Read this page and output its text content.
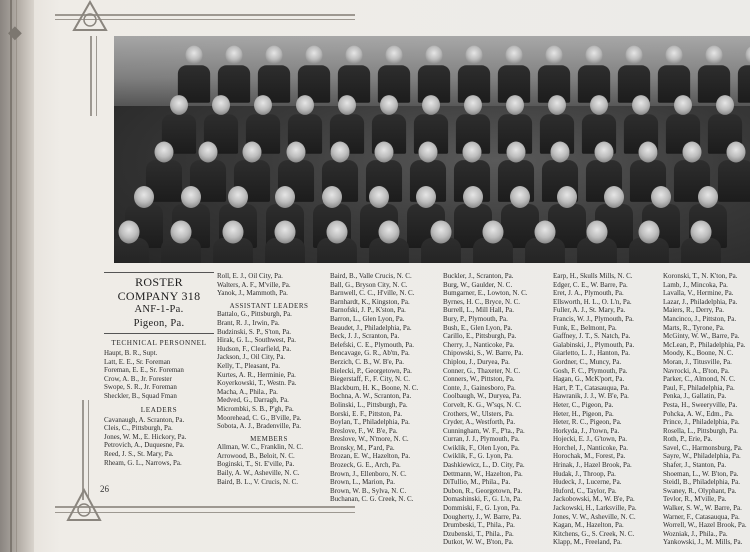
◆
ROSTER
COMPANY 318
ANF-1-Pa.
Pigeon, Pa.
TECHNICAL PERSONNEL
Haupt, B. R., Supt.
Latt, E. E., Sr. Foreman
Foreman, E. E., Sr. Foreman
Crow, A. B., Jr. Forester
Swope, S. R., Jr. Foreman
Sheckler, B., Squad Fman
LEADERS
Cavanaugh, A. Scranton, Pa.
Cleis, C., Pittsburgh, Pa.
Jones, W. M., E. Hickory, Pa.
Petrovich, A., Duquesne, Pa.
Reed, J. S., St. Mary, Pa.
Rheam, G. L., Narrows, Pa.
Roll, E. J., Oil City, Pa.
Walters, A. F., M'ville, Pa.
Yanok, J., Mammoth, Pa.
ASSISTANT LEADERS
Battalo, G., Pittsburgh, Pa.
Brant, R. J., Irwin, Pa.
Budzinski, S. P., S'ton, Pa.
Hirak, G. L., Southwest, Pa.
Hudson, F., Clearfield, Pa.
Jackson, J., Oil City, Pa.
Kelly, T., Pleasant, Pa.
Kurtes, A. R., Herminie, Pa.
Koyerkowski, T., Westn. Pa.
Macha, A., Phila., Pa.
Medved, G., Darragh, Pa.
Micrombki, S. B., P'gh, Pa.
Moorehead, C. G., B'ville, Pa.
Sobota, A. J., Bradenville, Pa.
MEMBERS
Allman, W. C., Franklin, N. C.
Arrowood, B., Beloit, N. C.
Boginski, T., St. E'ville, Pa.
Baily, A. W., Asheville, N. C.
Baird, B. L., V. Crucis, N. C.
Baird, B., Valle Crucis, N. C.
Ball, G., Bryson City, N. C.
Barnwell, C. C., H'ville, N. C.
Barnhardt, K., Kingston, Pa.
Barnofski, J. P., K'ston, Pa.
Barron, L., Glen Lyon, Pa.
Beaudet, J., Philadelphia, Pa.
Beck, J. J., Scranton, Pa.
Belefski, C. E., Plymouth, Pa.
Bencavage, G. R., Ab'tn, Pa.
Berzich, C. B., W. B'e, Pa.
Bielecki, P., Georgetown, Pa.
Biegerstaff, F., F. City, N. C.
Blackburn, H. K., Boone, N. C.
Bochna, A. W., Scranton, Pa.
Bolinski, L., Pittsburgh, Pa.
Borski, E. F., Pittston, Pa.
Boylan, T., Philadelphia, Pa.
Breslove, F., W. B'e, Pa.
Breslove, W., N'more, N. C.
Bronsky, M., P'ard, Pa.
Brozan, E. W., Hazelton, Pa.
Brozeck, G. E., Arch, Pa.
Brown, J., Ellenboro, N. C.
Brown, L., Marion, Pa.
Brown, W. B., Sylva, N. C.
Buchanan, C. G. Creek, N. C.
Buckler, J., Scranton, Pa.
Burg, W., Gaulder, N. C.
Bumgarner, E., Lowton, N. C.
Byrnes, H. C., Bryce, N. C.
Burrell, L., Mill Hall, Pa.
Bury, P., Plymouth, Pa.
Bush, E., Glen Lyon, Pa.
Carillo, E., Pittsburgh, Pa.
Cherry, J., Nanticoke, Pa.
Chipowski, S., W. Barre, Pa.
Chiplou, J., Duryea, Pa.
Conner, G., Thaxeter, N. C.
Conners, W., Pittston, Pa.
Conte, J., Gainesboro, Pa.
Coolbaugh, W., Duryea, Pa.
Corvelt, K. G., W'sqs, N. C.
Crothers, W., Ulsters, Pa.
Cryder, A., Westforth, Pa.
Cunningham, W. F., P'ta., Pa.
Curran, J. J., Plymouth, Pa.
Cwiklik, F., Olen Lyon, Pa.
Cwiklik, F., G. Lyon, Pa.
Dashkiewicz, L., D. City, Pa.
Dettmann, W., Hazelton, Pa.
DiTullio, M., Phila., Pa.
Dubon, R., Georgetown, Pa.
Domashinski, F., G. L'n, Pa.
Dommiski, F., G. Lyon, Pa.
Dougherty, J., W. Barre, Pa.
Drumbeski, T., Phila., Pa.
Dzubenski, T., Phila., Pa.
Dutkot, W. W., B'ton, Pa.
Earp, H., Skulls Mills, N. C.
Edger, C. E., W. Barre, Pa.
Eret, J. A., Plymouth, Pa.
Ellsworth, H. L., O. L'n, Pa.
Fuller, A. J., St. Mary, Pa.
Francis, W. J., Plymouth, Pa.
Funk, E., Belmont, Pa.
Gaffney, J. T., S. Natch, Pa.
Galabinski, J., Plymouth, Pa.
Giarletto, L. J., Hanton, Pa.
Gordner, C., Muncy, Pa.
Gosh, F. C., Plymouth, Pa.
Hagan, G., McK'port, Pa.
Hart, P. T., Catasauqua, Pa.
Hawranik, J. J., W. B'e, Pa.
Heter, C., Pigeon, Pa.
Heter, H., Pigeon, Pa.
Heter, R. C., Pigeon, Pa.
Horkyda, J., J'town, Pa.
Hojecki, E. J., G'town, Pa.
Horchel, J., Nanticoke, Pa.
Horochak, M., Forest, Pa.
Hrinak, J., Hazel Brook, Pa.
Hudak, J., Throop, Pa.
Hudeck, J., Lucerne, Pa.
Huford, C., Taylor, Pa.
Jackobowski, M., W. B'e, Pa.
Jackowski, H., Larksville, Pa.
Jones, V. W., Asheville, N. C.
Kagan, M., Hazelton, Pa.
Kitchens, G., S. Creek, N. C.
Klapp, M., Freeland, Pa.
Koronski, T., N. K'ton, Pa.
Lamb, J., Mincoka, Pa.
Lavalla, V., Hermine, Pa.
Lazar, J., Philadelphia, Pa.
Maiers, R., Derry, Pa.
Mancinco, J., Pittston, Pa.
Marts, R., Tyrone, Pa.
McGinty, W. W., Barre, Pa.
McLean, P., Philadelphia, Pa.
Moody, K., Boone, N. C.
Moran, J., Titusville, Pa.
Navrocki, A., B'ton, Pa.
Parker, C., Almond, N. C.
Paul, F., Philadelphia, Pa.
Penka, J., Gallatin, Pa.
Pesta, H., Sweeryville, Pa.
Pohcka, A. W., Edm., Pa.
Prince, J., Philadelphia, Pa.
Rosella, L., Pittsburgh, Pa.
Roth, P., Erie, Pa.
Savel, C., Harmonsburg, Pa.
Sayre, W., Philadelphia, Pa.
Shafer, J., Stanton, Pa.
Shoeman, L., W. B'ton, Pa.
Steidl, B., Philadelphia, Pa.
Swaney, R., Olyphant, Pa.
Tevlor, R., M'ville, Pa.
Walker, S. W., W. Barre, Pa.
Warner, F., Catasauqua, Pa.
Worrell, W., Hazel Brook, Pa.
Wozniak, J., Phila., Pa.
Yankowski, J., M. Mills, Pa.
26
